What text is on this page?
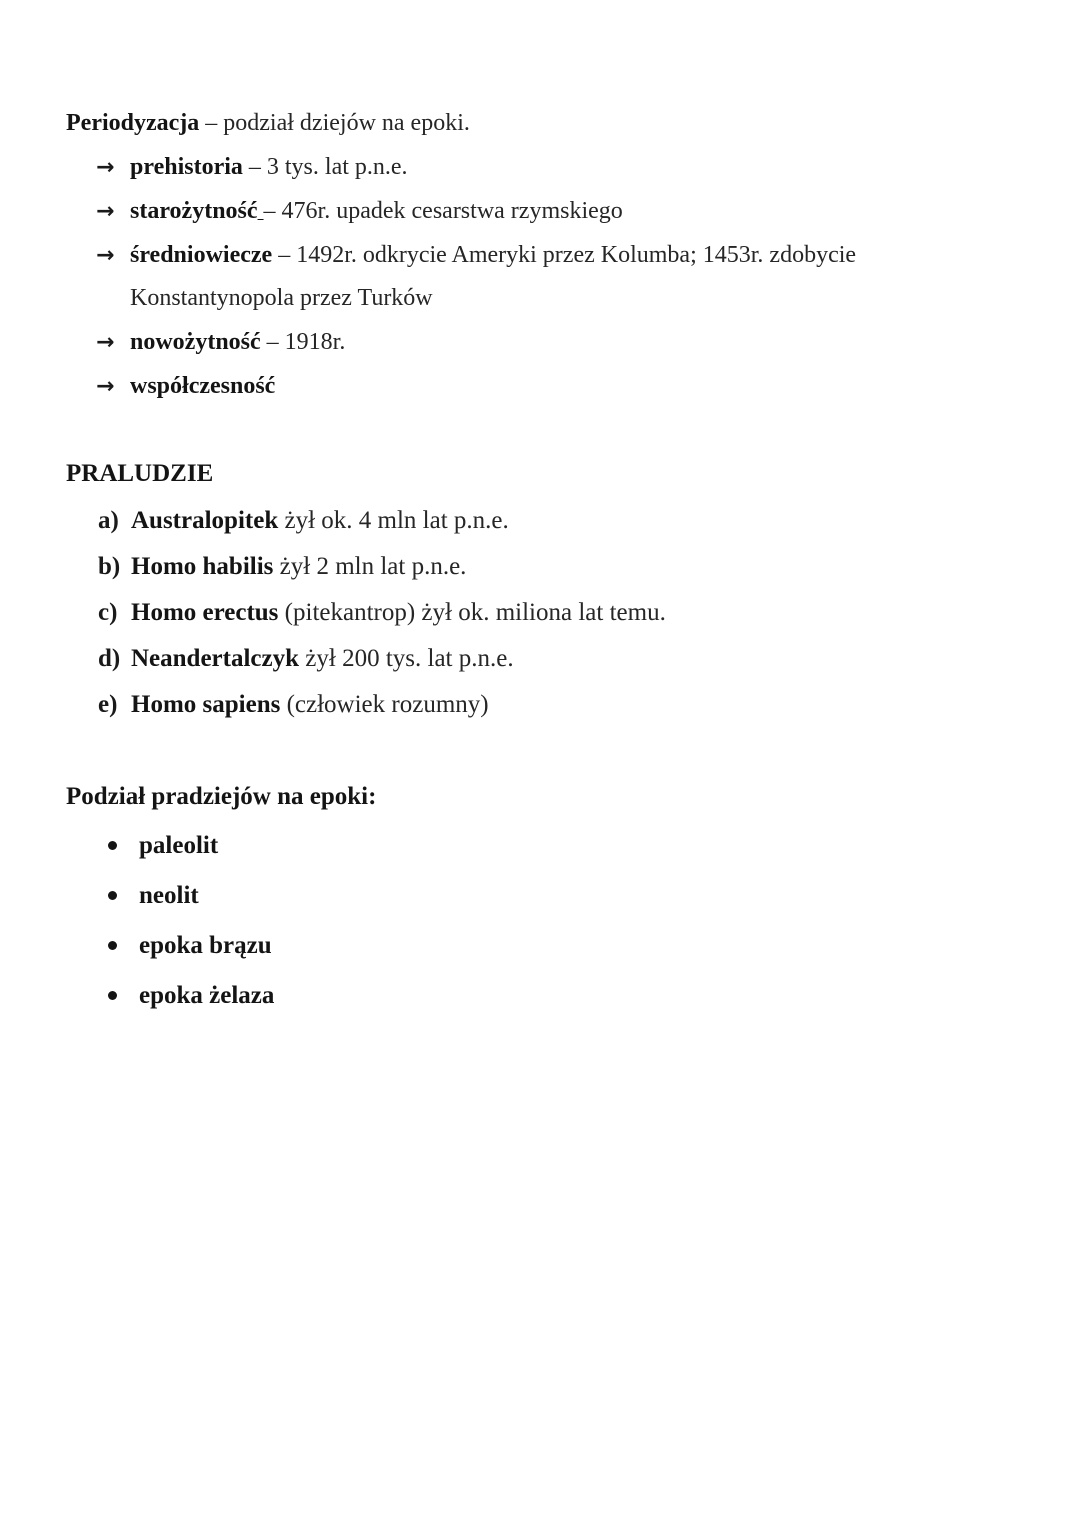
Periodyzacja – podział dziejów na epoki.
→ prehistoria – 3 tys. lat p.n.e.
→ starożytność – 476r. upadek cesarstwa rzymskiego
→ średniowiecze – 1492r. odkrycie Ameryki przez Kolumba; 1453r. zdobycie
Konstantynopola przez Turków
→ nowożytność – 1918r.
→ współczesność
PRALUDZIE
a) Australopitek żył ok. 4 mln lat p.n.e.
b) Homo habilis żył 2 mln lat p.n.e.
c) Homo erectus (pitekantrop) żył ok. miliona lat temu.
d) Neandertalczyk żył 200 tys. lat p.n.e.
e) Homo sapiens (człowiek rozumny)
Podział pradziejów na epoki:
paleolit
neolit
epoka brązu
epoka żelaza
